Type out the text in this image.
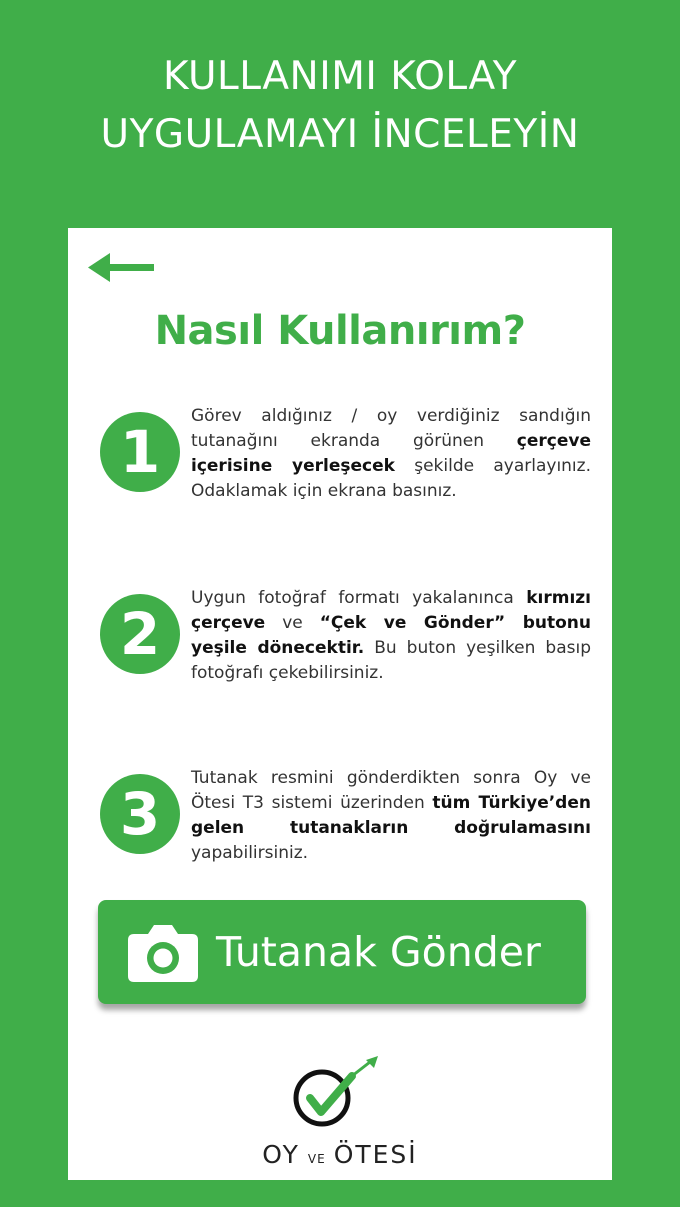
KULLANIMI KOLAY
UYGULAMAYI İNCELEYİN
Nasıl Kullanırım?
1
Görev aldığınız / oy verdiğiniz sandığın tutanağını ekranda görünen çerçeve içerisine yerleşecek şekilde ayarlayınız. Odaklamak için ekrana basınız.
2
Uygun fotoğraf formatı yakalanınca kırmızı çerçeve ve “Çek ve Gönder” butonu yeşile dönecektir. Bu buton yeşilken basıp fotoğrafı çekebilirsiniz.
3
Tutanak resmini gönderdikten sonra Oy ve Ötesi T3 sistemi üzerinden tüm Türkiye’den gelen tutanakların doğrulamasını yapabilirsiniz.
Tutanak Gönder
OY VE ÖTESİ
